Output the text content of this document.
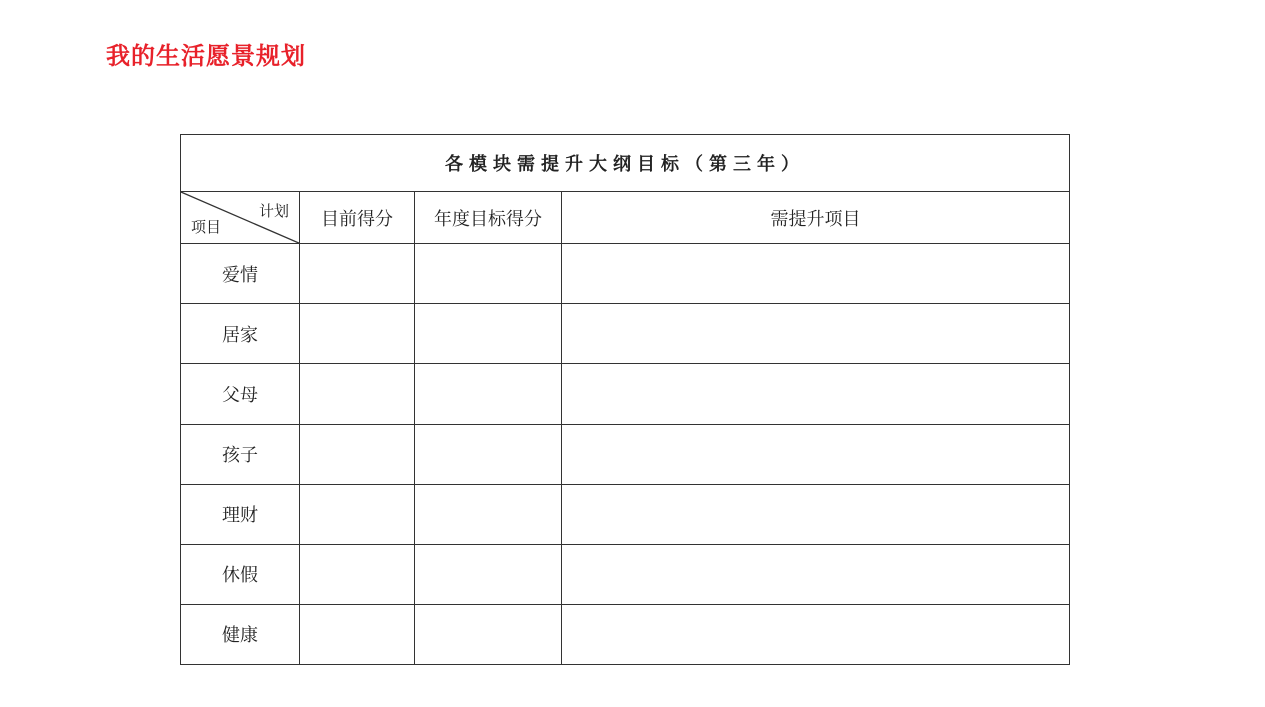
我的生活愿景规划
各模块需提升大纲目标（第三年）			

计划
项目	目前得分	年度目标得分	需提升项目
爱情			
居家			
父母			
孩子			
理财			
休假			
健康			
